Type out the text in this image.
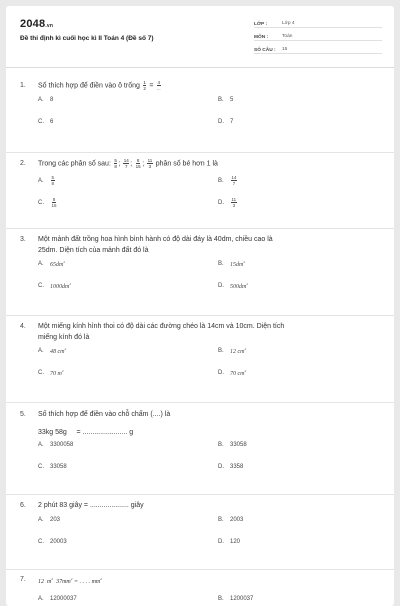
2048.vn
Đề thi định kì cuối học kì II Toán 4 (Đề số 7)
LỚP :	Lớp 4
MÔN :	Toán
SỐ CÂU :	15
1.	Số thích hợp để điền vào ô trống $\frac{1}{2} = \frac{4}{...}$
A.	8	B.	5
C.	6	D.	7
2.	Trong các phân số sau: $\frac{5}{8}$ ; $\frac{14}{7}$ ; $\frac{8}{15}$ ; $\frac{11}{3}$ phân số bé hơn 1 là
A.	$\frac{5}{8}$	B.	$\frac{14}{7}$
C.	$\frac{8}{15}$	D.	$\frac{11}{3}$
3.	Một mảnh đất trồng hoa hình bình hành có độ dài đáy là 40dm, chiều cao là
25dm. Diện tích của mảnh đất đó là
A.	$65dm^2$	B.	$15dm^2$
C.	$1000dm^2$	D.	$500dm^2$
4.	Một miếng kính hình thoi có độ dài các đường chéo là 14cm và 10cm. Diện tích
miếng kính đó là
A.	48 $cm^2$	B.	12 $cm^2$
C.	70 $m^2$	D.	70 $cm^2$
5.	Số thích hợp để điền vào chỗ chấm (....) là
33kg 58g = ....................... g
A.	3300058	B.	33058
C.	33058	D.	3358
6.	2 phút 83 giây = .................... giây
A.	203	B.	2003
C.	20003	D.	120
7.	12 $m^2$ $37mm^2$ = . . . . $mm^2$
A.	12000037	B.	1200037
